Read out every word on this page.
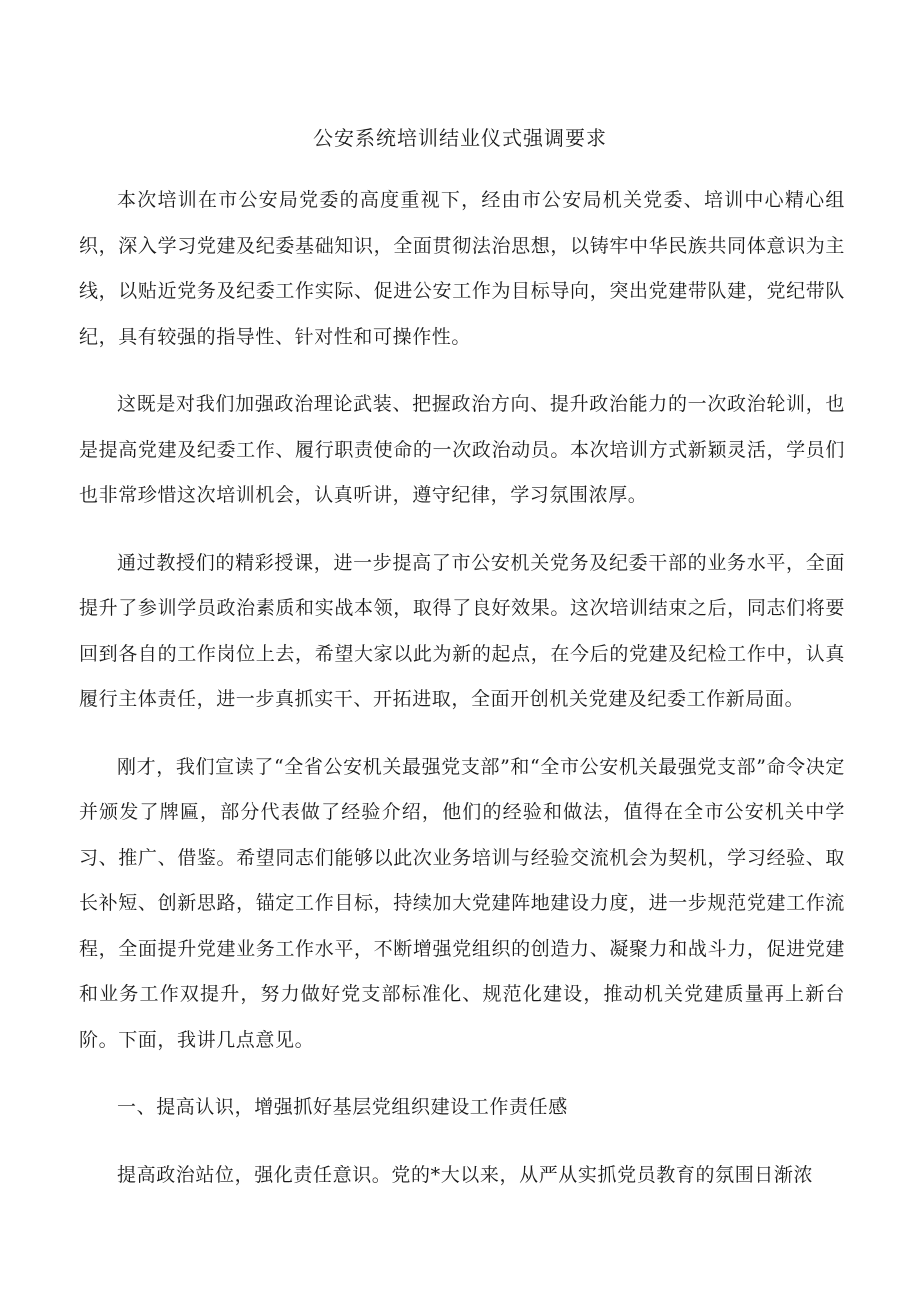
公安系统培训结业仪式强调要求

本次培训在市公安局党委的高度重视下，经由市公安局机关党委、培训中心精心组织，深入学习党建及纪委基础知识，全面贯彻法治思想，以铸牢中华民族共同体意识为主线，以贴近党务及纪委工作实际、促进公安工作为目标导向，突出党建带队建，党纪带队纪，具有较强的指导性、针对性和可操作性。

这既是对我们加强政治理论武装、把握政治方向、提升政治能力的一次政治轮训，也是提高党建及纪委工作、履行职责使命的一次政治动员。本次培训方式新颖灵活，学员们也非常珍惜这次培训机会，认真听讲，遵守纪律，学习氛围浓厚。

通过教授们的精彩授课，进一步提高了市公安机关党务及纪委干部的业务水平，全面提升了参训学员政治素质和实战本领，取得了良好效果。这次培训结束之后，同志们将要回到各自的工作岗位上去，希望大家以此为新的起点，在今后的党建及纪检工作中，认真履行主体责任，进一步真抓实干、开拓进取，全面开创机关党建及纪委工作新局面。

刚才，我们宣读了“全省公安机关最强党支部”和“全市公安机关最强党支部”命令决定并颁发了牌匾，部分代表做了经验介绍，他们的经验和做法，值得在全市公安机关中学习、推广、借鉴。希望同志们能够以此次业务培训与经验交流机会为契机，学习经验、取长补短、创新思路，锚定工作目标，持续加大党建阵地建设力度，进一步规范党建工作流程，全面提升党建业务工作水平，不断增强党组织的创造力、凝聚力和战斗力，促进党建和业务工作双提升，努力做好党支部标准化、规范化建设，推动机关党建质量再上新台阶。下面，我讲几点意见。

一、提高认识，增强抓好基层党组织建设工作责任感

提高政治站位，强化责任意识。党的*大以来，从严从实抓党员教育的氛围日渐浓
